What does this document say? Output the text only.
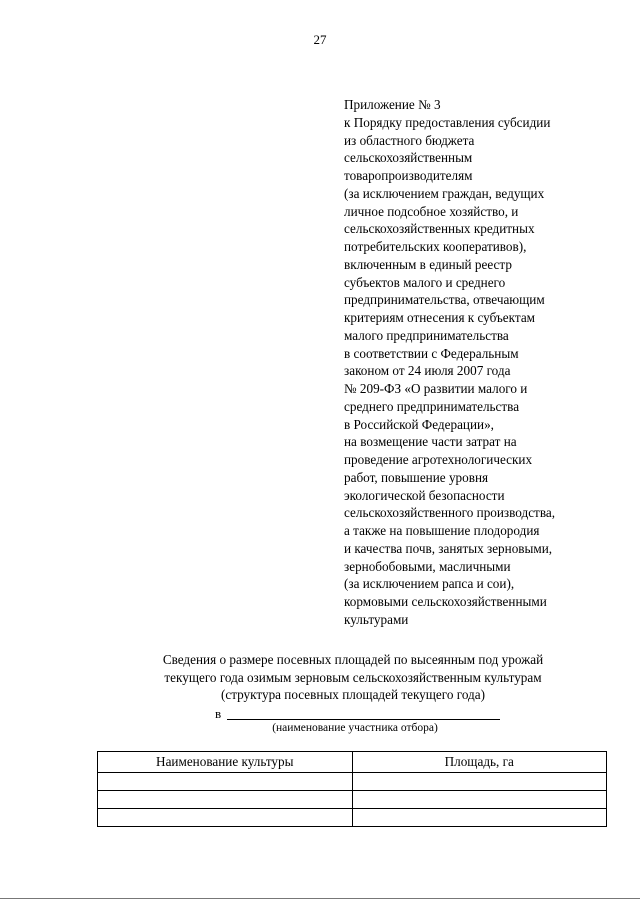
27
Приложение № 3
к Порядку предоставления субсидии
из областного бюджета
сельскохозяйственным
товаропроизводителям
(за исключением граждан, ведущих
личное подсобное хозяйство, и
сельскохозяйственных кредитных
потребительских кооперативов),
включенным в единый реестр
субъектов малого и среднего
предпринимательства, отвечающим
критериям отнесения к субъектам
малого предпринимательства
в соответствии с Федеральным
законом от 24 июля 2007 года
№ 209-ФЗ «О развитии малого и
среднего предпринимательства
в Российской Федерации»,
на возмещение части затрат на
проведение агротехнологических
работ, повышение уровня
экологической безопасности
сельскохозяйственного производства,
а также на повышение плодородия
и качества почв, занятых зерновыми,
зернобобовыми, масличными
(за исключением рапса и сои),
кормовыми сельскохозяйственными
культурами
Сведения о размере посевных площадей по высеянным под урожай
текущего года озимым зерновым сельскохозяйственным культурам
(структура посевных площадей текущего года)
в
(наименование участника отбора)
Наименование культуры	Площадь, га
